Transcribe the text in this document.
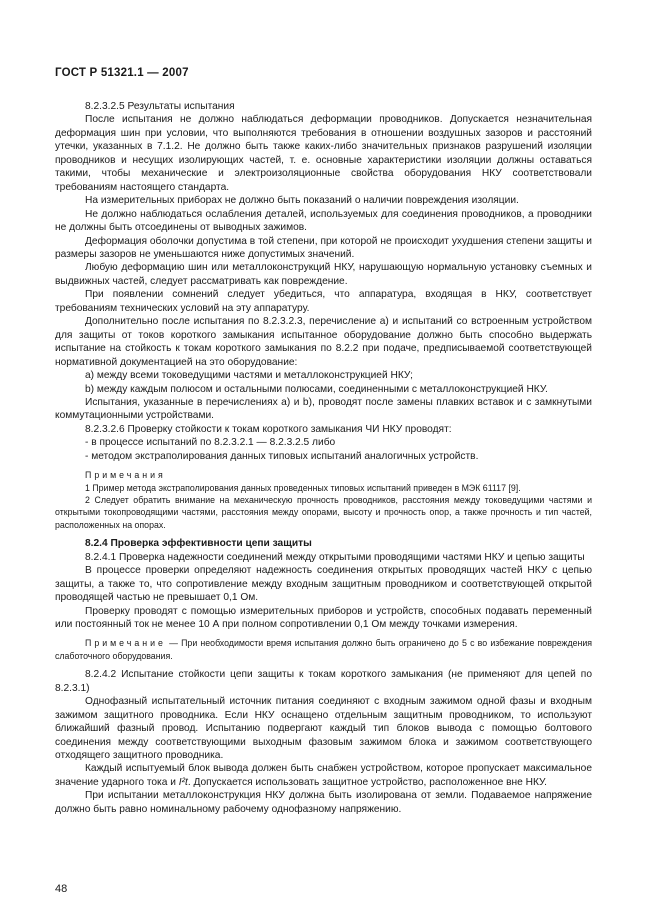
ГОСТ Р 51321.1 — 2007

8.2.3.2.5 Результаты испытания

После испытания не должно наблюдаться деформации проводников. Допускается незначительная деформация шин при условии, что выполняются требования в отношении воздушных зазоров и расстояний утечки, указанных в 7.1.2. Не должно быть также каких-либо значительных признаков разрушений изоляции проводников и несущих изолирующих частей, т. е. основные характеристики изоляции должны оставаться такими, чтобы механические и электроизоляционные свойства оборудования НКУ соответствовали требованиям настоящего стандарта.

На измерительных приборах не должно быть показаний о наличии повреждения изоляции.

Не должно наблюдаться ослабления деталей, используемых для соединения проводников, а проводники не должны быть отсоединены от выводных зажимов.

Деформация оболочки допустима в той степени, при которой не происходит ухудшения степени защиты и размеры зазоров не уменьшаются ниже допустимых значений.

Любую деформацию шин или металлоконструкций НКУ, нарушающую нормальную установку съемных и выдвижных частей, следует рассматривать как повреждение.

При появлении сомнений следует убедиться, что аппаратура, входящая в НКУ, соответствует требованиям технических условий на эту аппаратуру.

Дополнительно после испытания по 8.2.3.2.3, перечисление а) и испытаний со встроенным устройством для защиты от токов короткого замыкания испытанное оборудование должно быть способно выдержать испытание на стойкость к токам короткого замыкания по 8.2.2 при подаче, предписываемой соответствующей нормативной документацией на это оборудование:

a) между всеми токоведущими частями и металлоконструкцией НКУ;

b) между каждым полюсом и остальными полюсами, соединенными с металлоконструкцией НКУ.

Испытания, указанные в перечислениях а) и b), проводят после замены плавких вставок и с замкнутыми коммутационными устройствами.

8.2.3.2.6 Проверку стойкости к токам короткого замыкания ЧИ НКУ проводят:

- в процессе испытаний по 8.2.3.2.1 — 8.2.3.2.5 либо

- методом экстраполирования данных типовых испытаний аналогичных устройств.

Примечания

1 Пример метода экстраполирования данных проведенных типовых испытаний приведен в МЭК 61117 [9].

2 Следует обратить внимание на механическую прочность проводников, расстояния между токоведущими частями и открытыми токопроводящими частями, расстояния между опорами, высоту и прочность опор, а также прочность и тип частей, расположенных на опорах.

8.2.4 Проверка эффективности цепи защиты

8.2.4.1 Проверка надежности соединений между открытыми проводящими частями НКУ и цепью защиты

В процессе проверки определяют надежность соединения открытых проводящих частей НКУ с цепью защиты, а также то, что сопротивление между входным защитным проводником и соответствующей открытой проводящей частью не превышает 0,1 Ом.

Проверку проводят с помощью измерительных приборов и устройств, способных подавать переменный или постоянный ток не менее 10 А при полном сопротивлении 0,1 Ом между точками измерения.

Примечание — При необходимости время испытания должно быть ограничено до 5 с во избежание повреждения слаботочного оборудования.

8.2.4.2 Испытание стойкости цепи защиты к токам короткого замыкания (не применяют для цепей по 8.2.3.1)

Однофазный испытательный источник питания соединяют с входным зажимом одной фазы и входным зажимом защитного проводника. Если НКУ оснащено отдельным защитным проводником, то используют ближайший фазный провод. Испытанию подвергают каждый тип блоков вывода с помощью болтового соединения между соответствующими выходным фазовым зажимом блока и зажимом соответствующего отходящего защитного проводника.

Каждый испытуемый блок вывода должен быть снабжен устройством, которое пропускает максимальное значение ударного тока и I²t. Допускается использовать защитное устройство, расположенное вне НКУ.

При испытании металлоконструкция НКУ должна быть изолирована от земли. Подаваемое напряжение должно быть равно номинальному рабочему однофазному напряжению.

48
